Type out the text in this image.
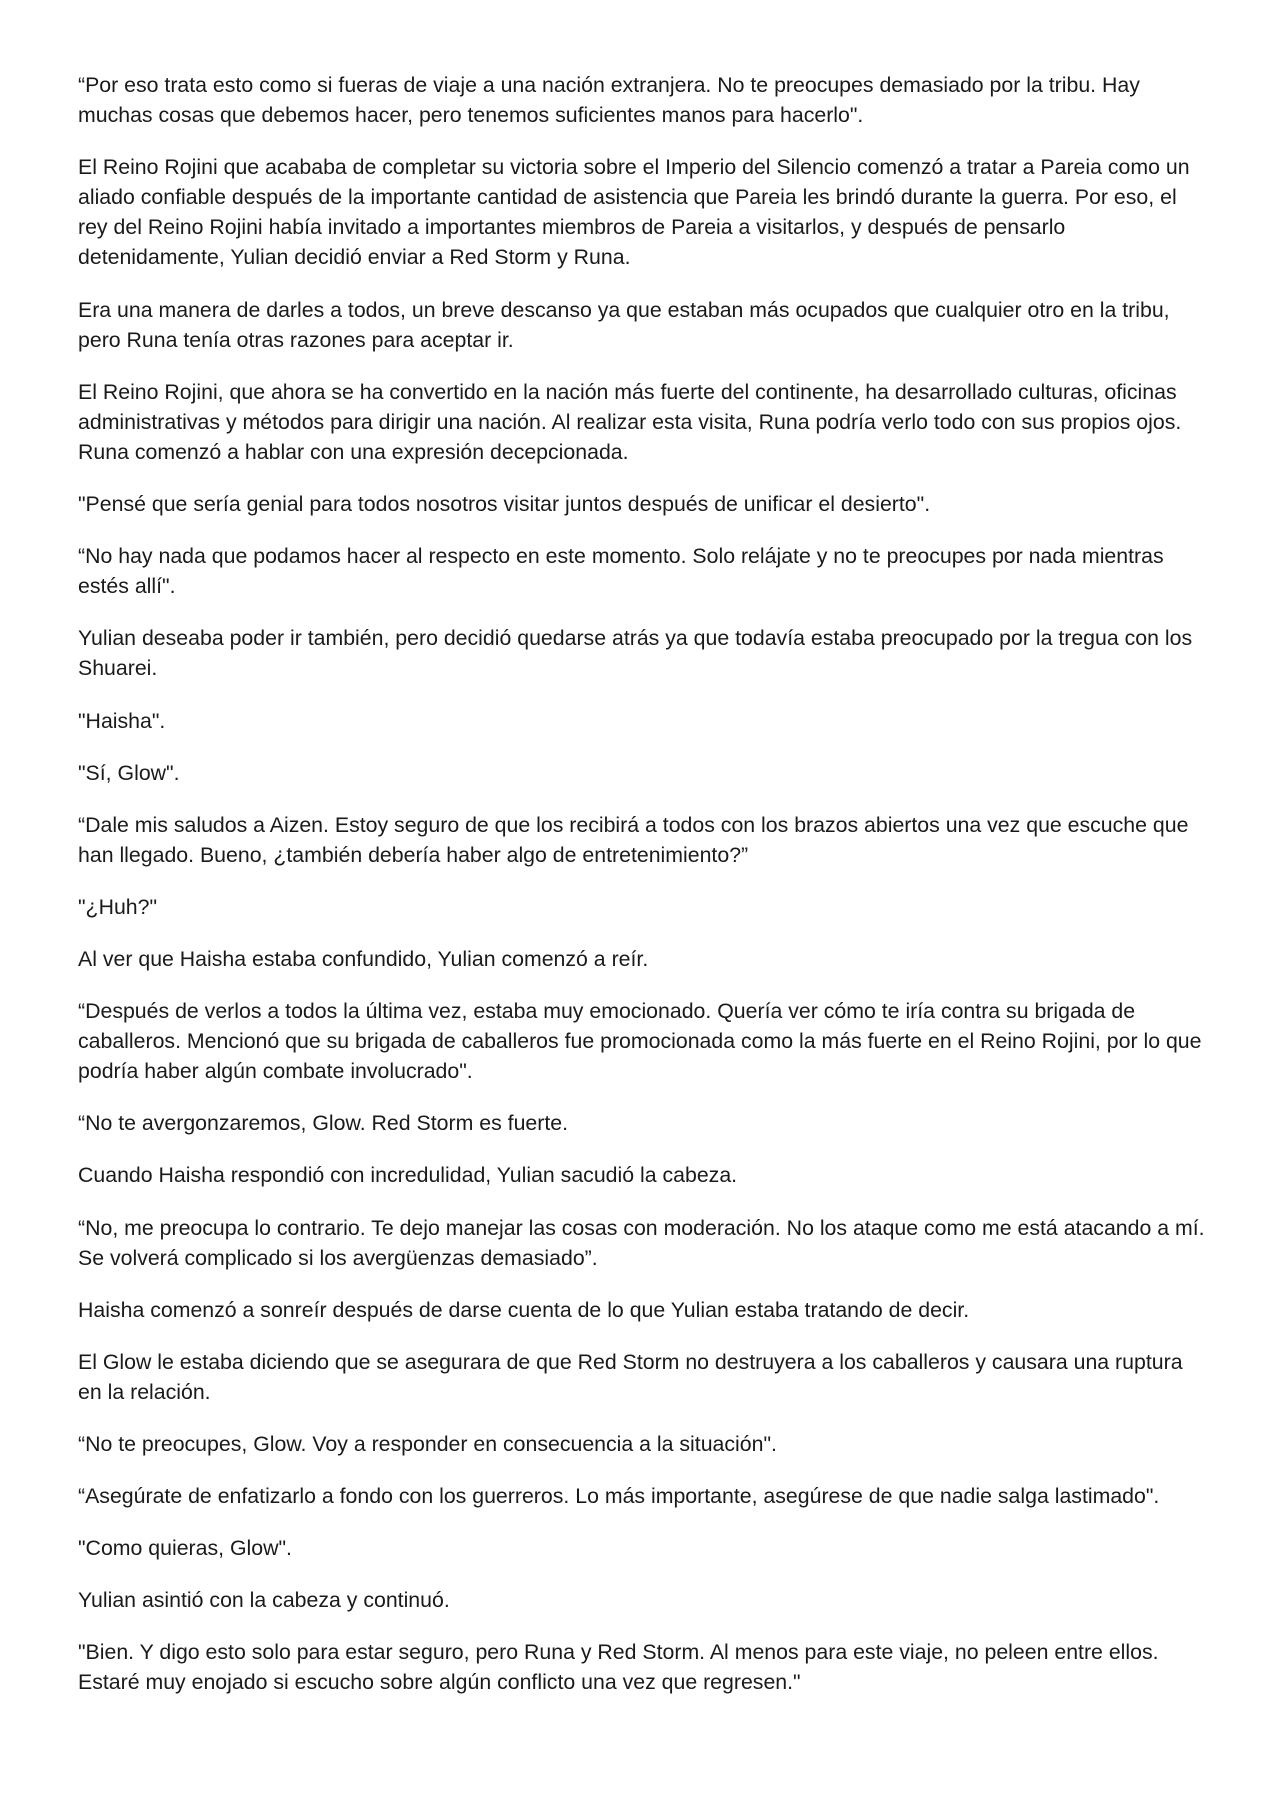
“Por eso trata esto como si fueras de viaje a una nación extranjera. No te preocupes demasiado por la tribu. Hay muchas cosas que debemos hacer, pero tenemos suficientes manos para hacerlo".

El Reino Rojini que acababa de completar su victoria sobre el Imperio del Silencio comenzó a tratar a Pareia como un aliado confiable después de la importante cantidad de asistencia que Pareia les brindó durante la guerra. Por eso, el rey del Reino Rojini había invitado a importantes miembros de Pareia a visitarlos, y después de pensarlo detenidamente, Yulian decidió enviar a Red Storm y Runa.

Era una manera de darles a todos, un breve descanso ya que estaban más ocupados que cualquier otro en la tribu, pero Runa tenía otras razones para aceptar ir.

El Reino Rojini, que ahora se ha convertido en la nación más fuerte del continente, ha desarrollado culturas, oficinas administrativas y métodos para dirigir una nación. Al realizar esta visita, Runa podría verlo todo con sus propios ojos. Runa comenzó a hablar con una expresión decepcionada.

"Pensé que sería genial para todos nosotros visitar juntos después de unificar el desierto".

“No hay nada que podamos hacer al respecto en este momento. Solo relájate y no te preocupes por nada mientras estés allí".

Yulian deseaba poder ir también, pero decidió quedarse atrás ya que todavía estaba preocupado por la tregua con los Shuarei.

"Haisha".

"Sí, Glow".

“Dale mis saludos a Aizen. Estoy seguro de que los recibirá a todos con los brazos abiertos una vez que escuche que han llegado. Bueno, ¿también debería haber algo de entretenimiento?”

"¿Huh?"

Al ver que Haisha estaba confundido, Yulian comenzó a reír.

“Después de verlos a todos la última vez, estaba muy emocionado. Quería ver cómo te iría contra su brigada de caballeros. Mencionó que su brigada de caballeros fue promocionada como la más fuerte en el Reino Rojini, por lo que podría haber algún combate involucrado".

“No te avergonzaremos, Glow. Red Storm es fuerte.

Cuando Haisha respondió con incredulidad, Yulian sacudió la cabeza.

“No, me preocupa lo contrario. Te dejo manejar las cosas con moderación. No los ataque como me está atacando a mí. Se volverá complicado si los avergüenzas demasiado”.

Haisha comenzó a sonreír después de darse cuenta de lo que Yulian estaba tratando de decir.

El Glow le estaba diciendo que se asegurara de que Red Storm no destruyera a los caballeros y causara una ruptura en la relación.

“No te preocupes, Glow. Voy a responder en consecuencia a la situación".

“Asegúrate de enfatizarlo a fondo con los guerreros. Lo más importante, asegúrese de que nadie salga lastimado".

"Como quieras, Glow".

Yulian asintió con la cabeza y continuó.

"Bien. Y digo esto solo para estar seguro, pero Runa y Red Storm. Al menos para este viaje, no peleen entre ellos. Estaré muy enojado si escucho sobre algún conflicto una vez que regresen."
